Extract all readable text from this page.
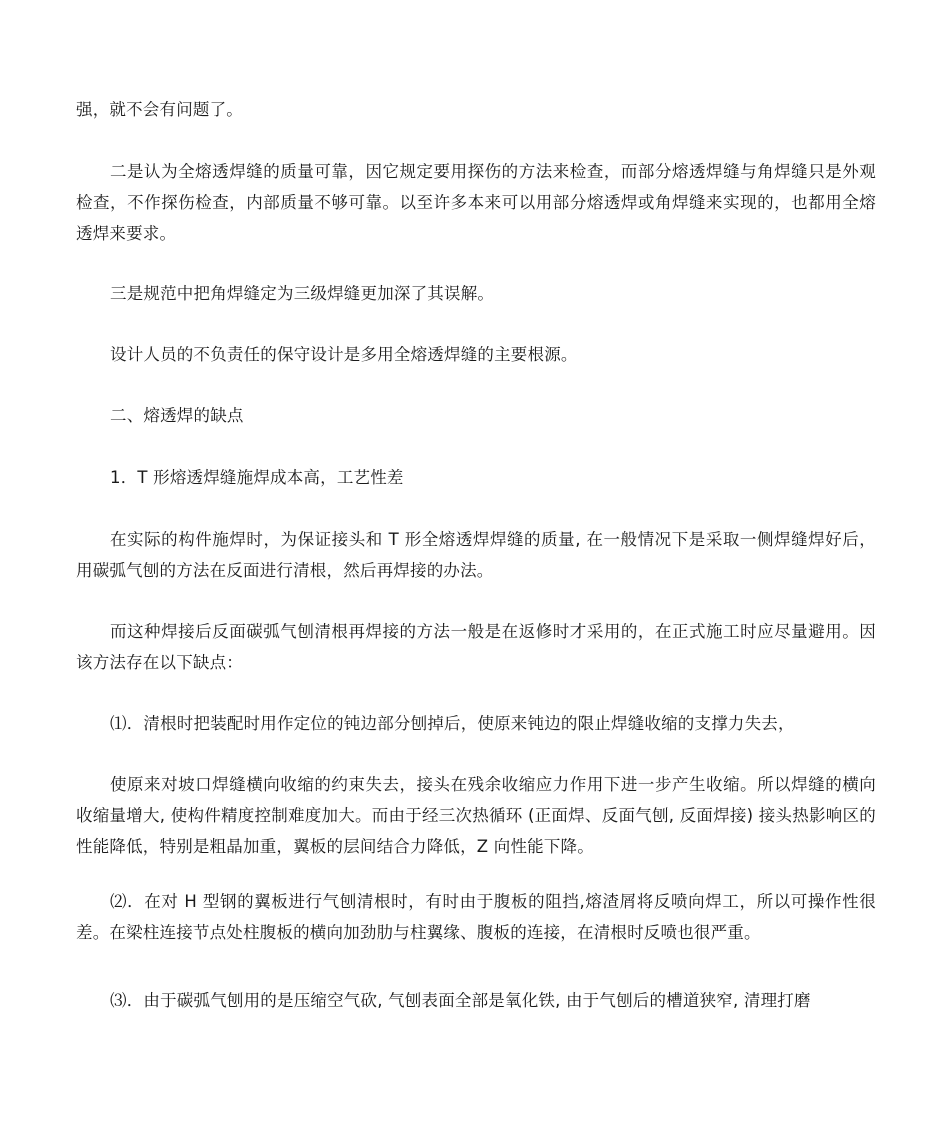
强，就不会有问题了。

二是认为全熔透焊缝的质量可靠，因它规定要用探伤的方法来检查，而部分熔透焊缝与角焊缝只是外观检查，不作探伤检查，内部质量不够可靠。以至许多本来可以用部分熔透焊或角焊缝来实现的，也都用全熔透焊来要求。

三是规范中把角焊缝定为三级焊缝更加深了其误解。

设计人员的不负责任的保守设计是多用全熔透焊缝的主要根源。

二、熔透焊的缺点

1．T 形熔透焊缝施焊成本高，工艺性差

在实际的构件施焊时，为保证接头和 T 形全熔透焊焊缝的质量, 在一般情况下是采取一侧焊缝焊好后，用碳弧气刨的方法在反面进行清根，然后再焊接的办法。

而这种焊接后反面碳弧气刨清根再焊接的方法一般是在返修时才采用的，在正式施工时应尽量避用。因该方法存在以下缺点：

⑴．清根时把装配时用作定位的钝边部分刨掉后，使原来钝边的限止焊缝收缩的支撑力失去，

使原来对坡口焊缝横向收缩的约束失去，接头在残余收缩应力作用下进一步产生收缩。所以焊缝的横向收缩量增大, 使构件精度控制难度加大。而由于经三次热循环 (正面焊、反面气刨, 反面焊接) 接头热影响区的性能降低，特别是粗晶加重，翼板的层间结合力降低，Z 向性能下降。

⑵．在对 H 型钢的翼板进行气刨清根时，有时由于腹板的阻挡,熔渣屑将反喷向焊工，所以可操作性很差。在梁柱连接节点处柱腹板的横向加劲肋与柱翼缘、腹板的连接，在清根时反喷也很严重。

⑶．由于碳弧气刨用的是压缩空气砍, 气刨表面全部是氧化铁, 由于气刨后的槽道狭窄, 清理打磨
